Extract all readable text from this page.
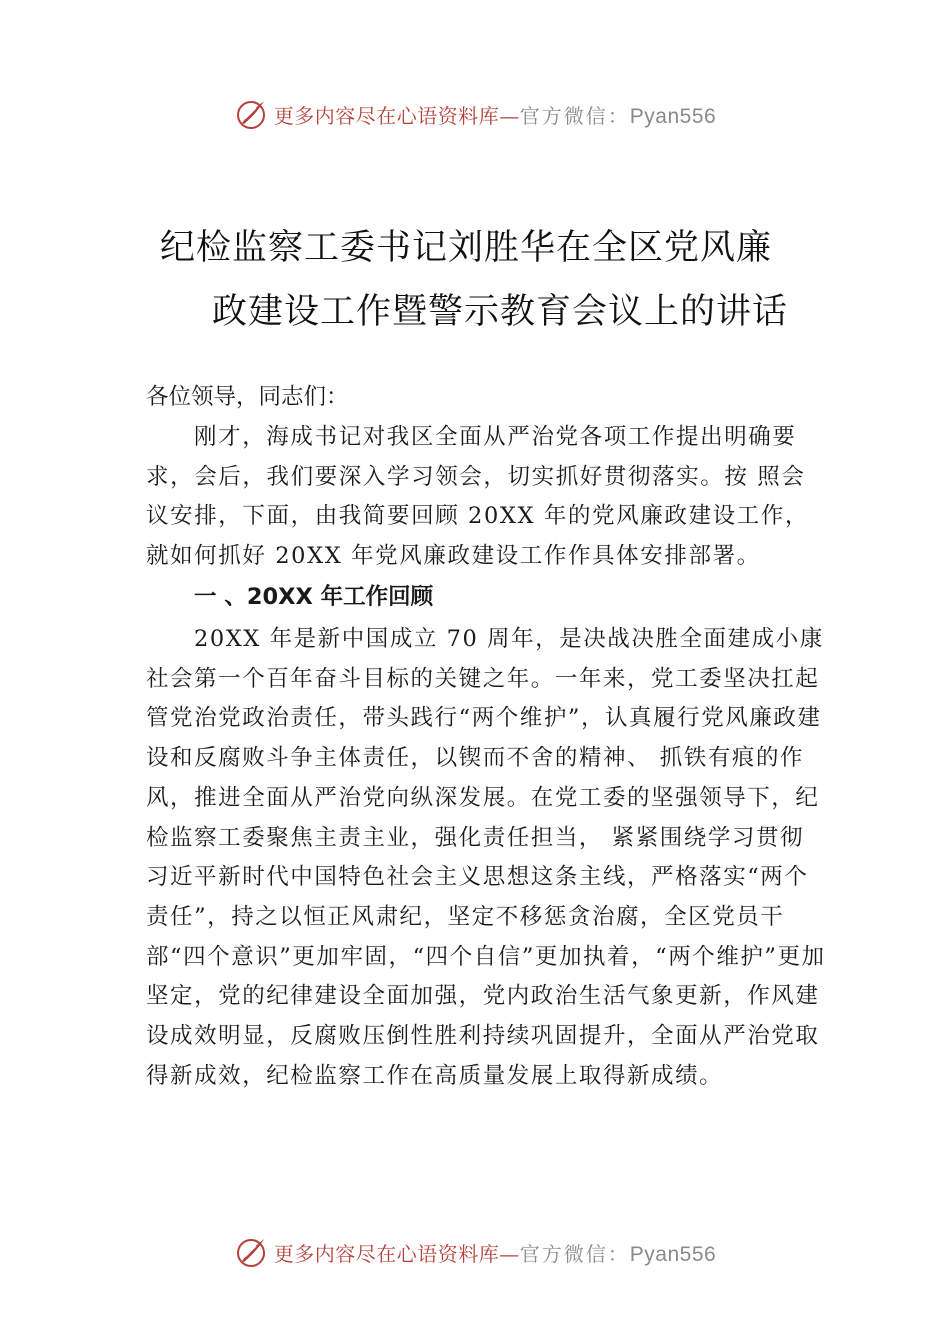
更多内容尽在心语资料库—官方微信：Pyan556
纪检监察工委书记刘胜华在全区党风廉
政建设工作暨警示教育会议上的讲话
各位领导，同志们：

刚才，海成书记对我区全面从严治党各项工作提出明确要求，会后，我们要深入学习领会，切实抓好贯彻落实。按 照会议安排，下面，由我简要回顾 20XX 年的党风廉政建设工作，就如何抓好 20XX 年党风廉政建设工作作具体安排部署。

一 、20XX 年工作回顾

20XX 年是新中国成立 70 周年，是决战决胜全面建成小康社会第一个百年奋斗目标的关键之年。一年来，党工委坚决扛起管党治党政治责任，带头践行“两个维护”，认真履行党风廉政建设和反腐败斗争主体责任，以锲而不舍的精神、 抓铁有痕的作风，推进全面从严治党向纵深发展。在党工委的坚强领导下，纪检监察工委聚焦主责主业，强化责任担当， 紧紧围绕学习贯彻习近平新时代中国特色社会主义思想这条主线，严格落实“两个责任”，持之以恒正风肃纪，坚定不移惩贪治腐，全区党员干部“四个意识”更加牢固，“四个自信”更加执着，“两个维护”更加坚定，党的纪律建设全面加强，党内政治生活气象更新，作风建设成效明显，反腐败压倒性胜利持续巩固提升，全面从严治党取得新成效，纪检监察工作在高质量发展上取得新成绩。

更多内容尽在心语资料库—官方微信：Pyan556
